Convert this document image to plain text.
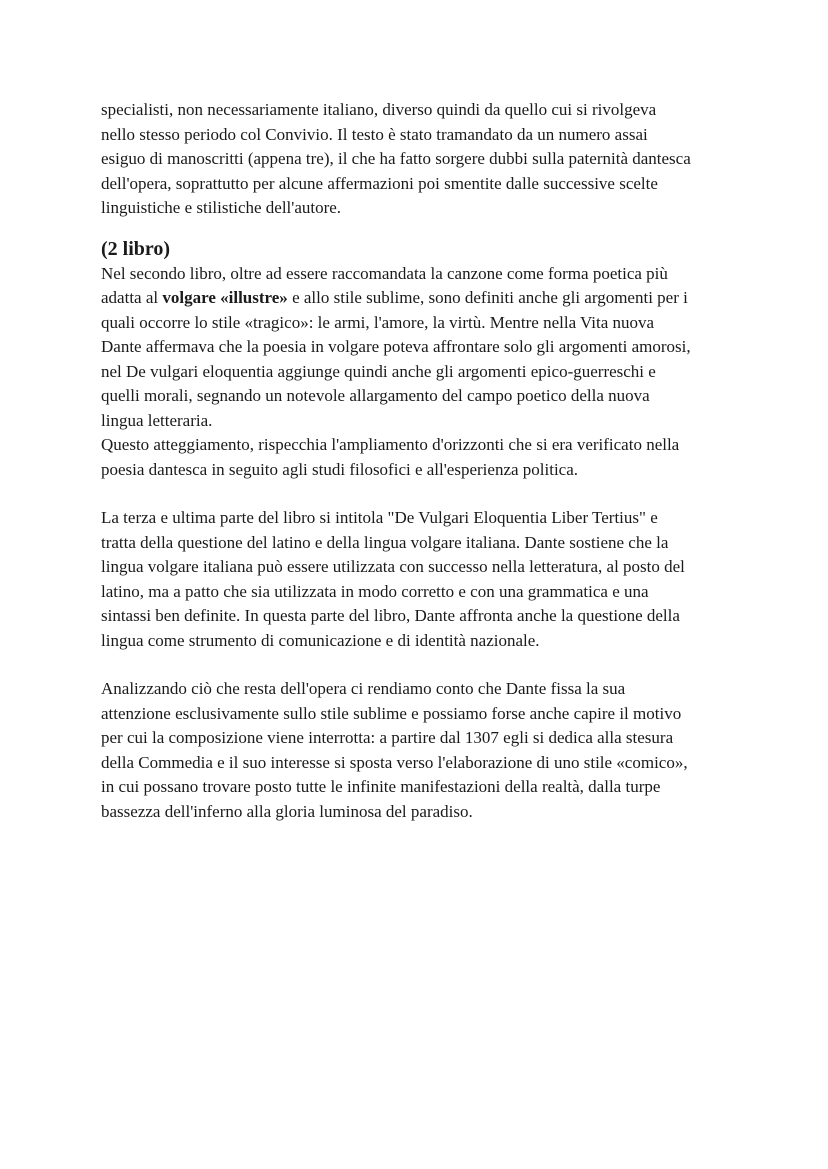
specialisti, non necessariamente italiano, diverso quindi da quello cui si rivolgeva
nello stesso periodo col Convivio. Il testo è stato tramandato da un numero assai
esiguo di manoscritti (appena tre), il che ha fatto sorgere dubbi sulla paternità dantesca
dell'opera, soprattutto per alcune affermazioni poi smentite dalle successive scelte
linguistiche e stilistiche dell'autore.

(2 libro)

Nel secondo libro, oltre ad essere raccomandata la canzone come forma poetica più
adatta al volgare «illustre» e allo stile sublime, sono definiti anche gli argomenti per i
quali occorre lo stile «tragico»: le armi, l'amore, la virtù. Mentre nella Vita nuova
Dante affermava che la poesia in volgare poteva affrontare solo gli argomenti amorosi,
nel De vulgari eloquentia aggiunge quindi anche gli argomenti epico-guerreschi e
quelli morali, segnando un notevole allargamento del campo poetico della nuova
lingua letteraria.
Questo atteggiamento, rispecchia l'ampliamento d'orizzonti che si era verificato nella
poesia dantesca in seguito agli studi filosofici e all'esperienza politica.

La terza e ultima parte del libro si intitola "De Vulgari Eloquentia Liber Tertius" e
tratta della questione del latino e della lingua volgare italiana. Dante sostiene che la
lingua volgare italiana può essere utilizzata con successo nella letteratura, al posto del
latino, ma a patto che sia utilizzata in modo corretto e con una grammatica e una
sintassi ben definite. In questa parte del libro, Dante affronta anche la questione della
lingua come strumento di comunicazione e di identità nazionale.

Analizzando ciò che resta dell'opera ci rendiamo conto che Dante fissa la sua
attenzione esclusivamente sullo stile sublime e possiamo forse anche capire il motivo
per cui la composizione viene interrotta: a partire dal 1307 egli si dedica alla stesura
della Commedia e il suo interesse si sposta verso l'elaborazione di uno stile «comico»,
in cui possano trovare posto tutte le infinite manifestazioni della realtà, dalla turpe
bassezza dell'inferno alla gloria luminosa del paradiso.
